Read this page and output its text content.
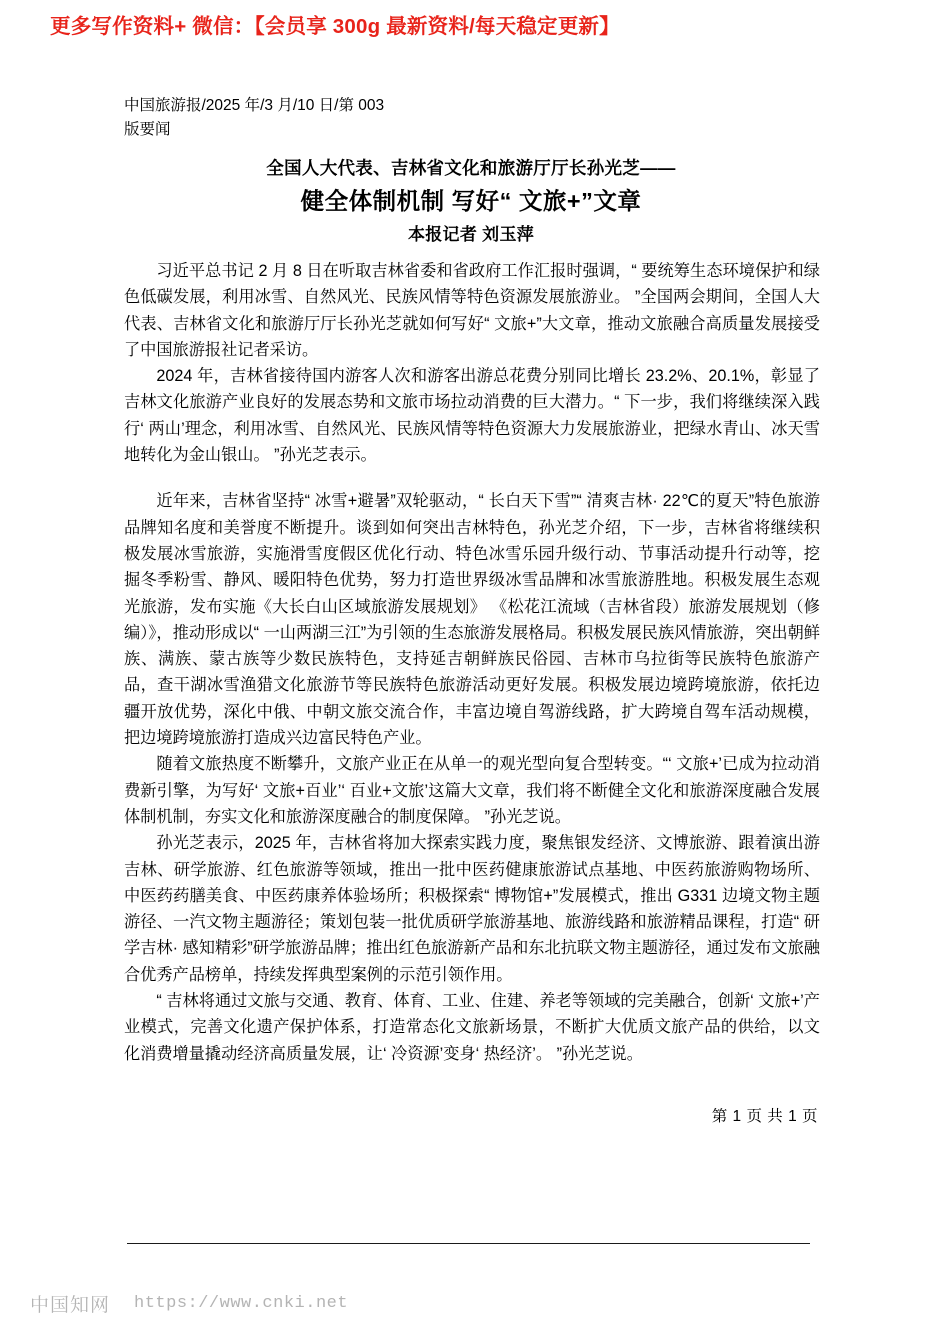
更多写作资料+ 微信：【会员享 300g 最新资料/每天稳定更新】
中国旅游报/2025 年/3 月/10 日/第 003
版要闻
全国人大代表、吉林省文化和旅游厅厅长孙光芝——
健全体制机制 写好“ 文旅+”文章
本报记者 刘玉萍

习近平总书记 2 月 8 日在听取吉林省委和省政府工作汇报时强调，“ 要统筹生态环境保护和绿色低碳发展，利用冰雪、自然风光、民族风情等特色资源发展旅游业。 ”全国两会期间，全国人大代表、吉林省文化和旅游厅厅长孙光芝就如何写好“ 文旅+”大文章，推动文旅融合高质量发展接受了中国旅游报社记者采访。

2024 年，吉林省接待国内游客人次和游客出游总花费分别同比增长 23.2%、20.1%，彰显了吉林文化旅游产业良好的发展态势和文旅市场拉动消费的巨大潜力。“ 下一步，我们将继续深入践行‘ 两山’理念，利用冰雪、自然风光、民族风情等特色资源大力发展旅游业，把绿水青山、冰天雪地转化为金山银山。 ”孙光芝表示。

近年来，吉林省坚持“ 冰雪+避暑”双轮驱动，“ 长白天下雪”“ 清爽吉林· 22℃的夏天”特色旅游品牌知名度和美誉度不断提升。谈到如何突出吉林特色，孙光芝介绍，下一步，吉林省将继续积极发展冰雪旅游，实施滑雪度假区优化行动、特色冰雪乐园升级行动、节事活动提升行动等，挖掘冬季粉雪、静风、暖阳特色优势，努力打造世界级冰雪品牌和冰雪旅游胜地。积极发展生态观光旅游，发布实施《大长白山区域旅游发展规划》 《松花江流域（吉林省段）旅游发展规划（修编）》，推动形成以“ 一山两湖三江”为引领的生态旅游发展格局。积极发展民族风情旅游，突出朝鲜族、满族、蒙古族等少数民族特色，支持延吉朝鲜族民俗园、吉林市乌拉街等民族特色旅游产品，查干湖冰雪渔猎文化旅游节等民族特色旅游活动更好发展。积极发展边境跨境旅游，依托边疆开放优势，深化中俄、中朝文旅交流合作，丰富边境自驾游线路，扩大跨境自驾车活动规模，把边境跨境旅游打造成兴边富民特色产业。

随着文旅热度不断攀升，文旅产业正在从单一的观光型向复合型转变。“‘ 文旅+’已成为拉动消费新引擎，为写好‘ 文旅+百业’‘ 百业+文旅’这篇大文章，我们将不断健全文化和旅游深度融合发展体制机制，夯实文化和旅游深度融合的制度保障。 ”孙光芝说。

孙光芝表示，2025 年，吉林省将加大探索实践力度，聚焦银发经济、文博旅游、跟着演出游吉林、研学旅游、红色旅游等领域，推出一批中医药健康旅游试点基地、中医药旅游购物场所、中医药药膳美食、中医药康养体验场所；积极探索“ 博物馆+”发展模式，推出 G331 边境文物主题游径、一汽文物主题游径；策划包装一批优质研学旅游基地、旅游线路和旅游精品课程，打造“ 研学吉林· 感知精彩”研学旅游品牌；推出红色旅游新产品和东北抗联文物主题游径，通过发布文旅融合优秀产品榜单，持续发挥典型案例的示范引领作用。

“ 吉林将通过文旅与交通、教育、体育、工业、住建、养老等领域的完美融合，创新‘ 文旅+’产业模式，完善文化遗产保护体系，打造常态化文旅新场景，不断扩大优质文旅产品的供给，以文化消费增量撬动经济高质量发展，让‘ 冷资源’变身‘ 热经济’。 ”孙光芝说。

第 1 页 共 1 页
中国知网 https://www.cnki.net
